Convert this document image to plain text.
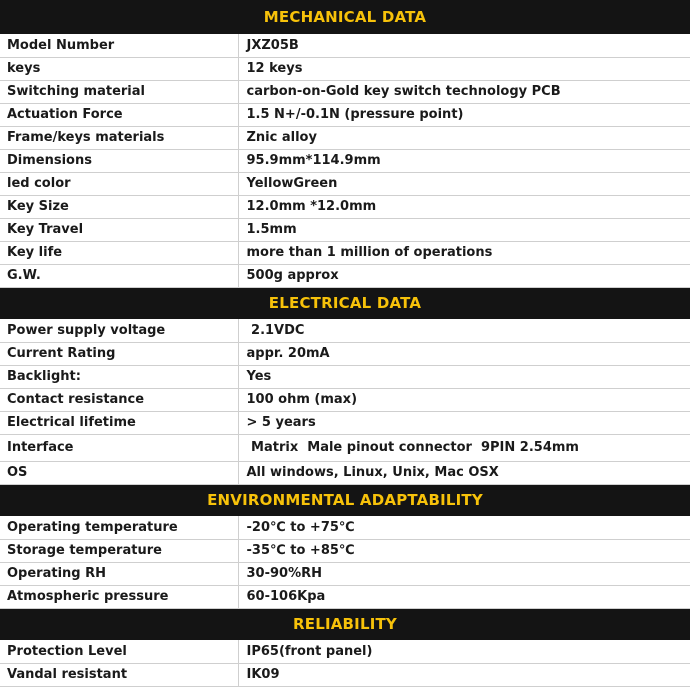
MECHANICAL DATA	
Model Number	JXZ05B
keys	12 keys
Switching material	carbon-on-Gold key switch technology PCB
Actuation Force	1.5 N+/-0.1N (pressure point)
Frame/keys materials	Znic alloy
Dimensions	95.9mm*114.9mm
led color	YellowGreen
Key Size	12.0mm *12.0mm
Key Travel	1.5mm
Key life	more than 1 million of operations
G.W.	500g approx
ELECTRICAL DATA	
Power supply voltage	2.1VDC
Current Rating	appr. 20mA
Backlight:	Yes
Contact resistance	100 ohm (max)
Electrical lifetime	> 5 years
Interface	Matrix  Male pinout connector  9PIN 2.54mm
OS	All windows, Linux, Unix, Mac OSX
ENVIRONMENTAL ADAPTABILITY	
Operating temperature	-20℃ to +75℃
Storage temperature	-35℃ to +85℃
Operating RH	30-90%RH
Atmospheric pressure	60-106Kpa
RELIABILITY	
Protection Level	IP65(front panel)
Vandal resistant	IK09
